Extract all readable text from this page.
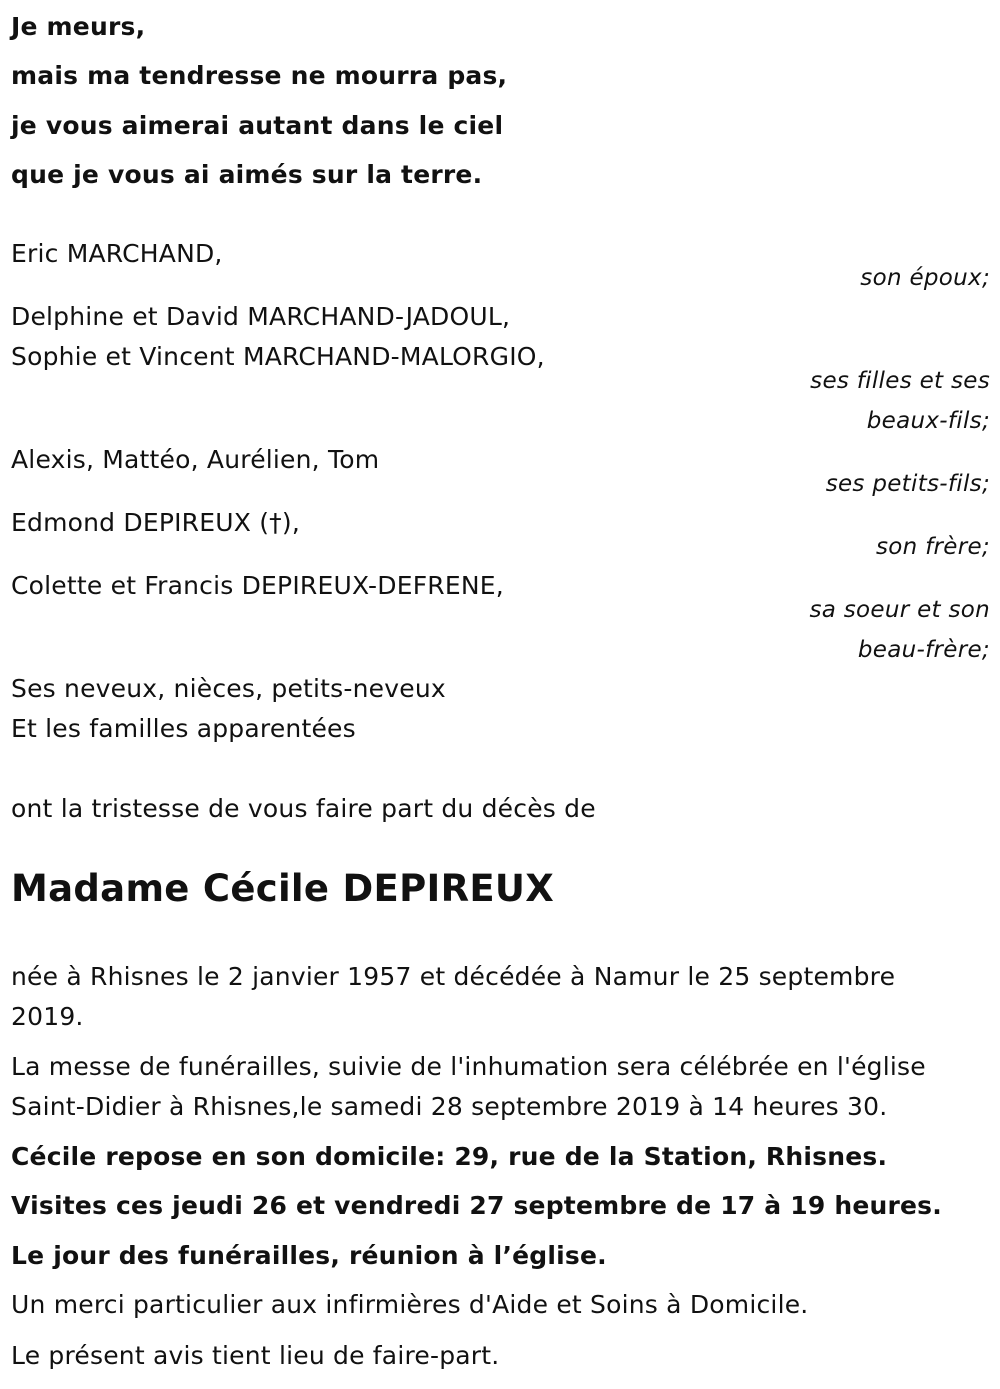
Je meurs,
mais ma tendresse ne mourra pas,
je vous aimerai autant dans le ciel
que je vous ai aimés sur la terre.
Eric MARCHAND,
son époux;
Delphine et David MARCHAND-JADOUL,
Sophie et Vincent MARCHAND-MALORGIO,
ses filles et ses
beaux-fils;
Alexis, Mattéo, Aurélien, Tom
ses petits-fils;
Edmond DEPIREUX (†),
son frère;
Colette et Francis DEPIREUX-DEFRENE,
sa soeur et son
beau-frère;
Ses neveux, nièces, petits-neveux
Et les familles apparentées
ont la tristesse de vous faire part du décès de
Madame Cécile DEPIREUX
née à Rhisnes le 2 janvier 1957 et décédée à Namur le 25 septembre
2019.
La messe de funérailles, suivie de l'inhumation sera célébrée en l'église
Saint-Didier à Rhisnes,le samedi 28 septembre 2019 à 14 heures 30.
Cécile repose en son domicile: 29, rue de la Station, Rhisnes.
Visites ces jeudi 26 et vendredi 27 septembre de 17 à 19 heures.
Le jour des funérailles, réunion à l’église.
Un merci particulier aux infirmières d'Aide et Soins à Domicile.
Le présent avis tient lieu de faire-part.
